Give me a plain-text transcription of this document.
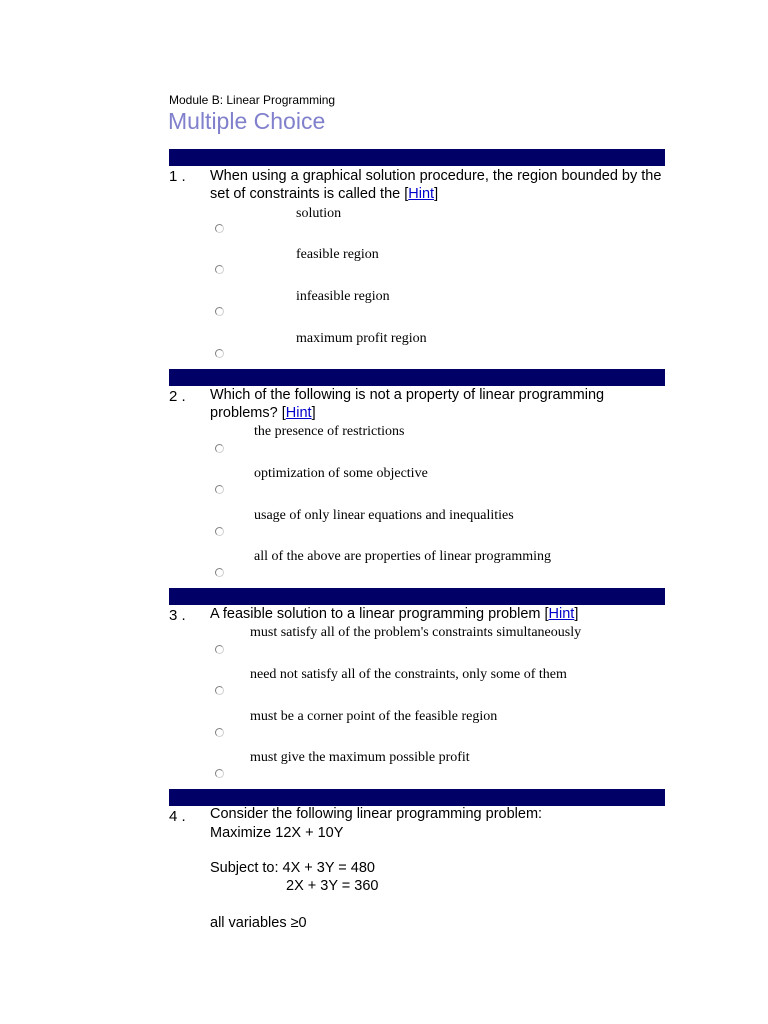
Module B: Linear Programming
Multiple Choice
1 . When using a graphical solution procedure, the region bounded by the set of constraints is called the [Hint]
solution
feasible region
infeasible region
maximum profit region
2 . Which of the following is not a property of linear programming problems? [Hint]
the presence of restrictions
optimization of some objective
usage of only linear equations and inequalities
all of the above are properties of linear programming
3 . A feasible solution to a linear programming problem [Hint]
must satisfy all of the problem's constraints simultaneously
need not satisfy all of the constraints, only some of them
must be a corner point of the feasible region
must give the maximum possible profit
4 . Consider the following linear programming problem:
Maximize 12X + 10Y
Subject to: 4X + 3Y = 480
2X + 3Y = 360
all variables ≥0
